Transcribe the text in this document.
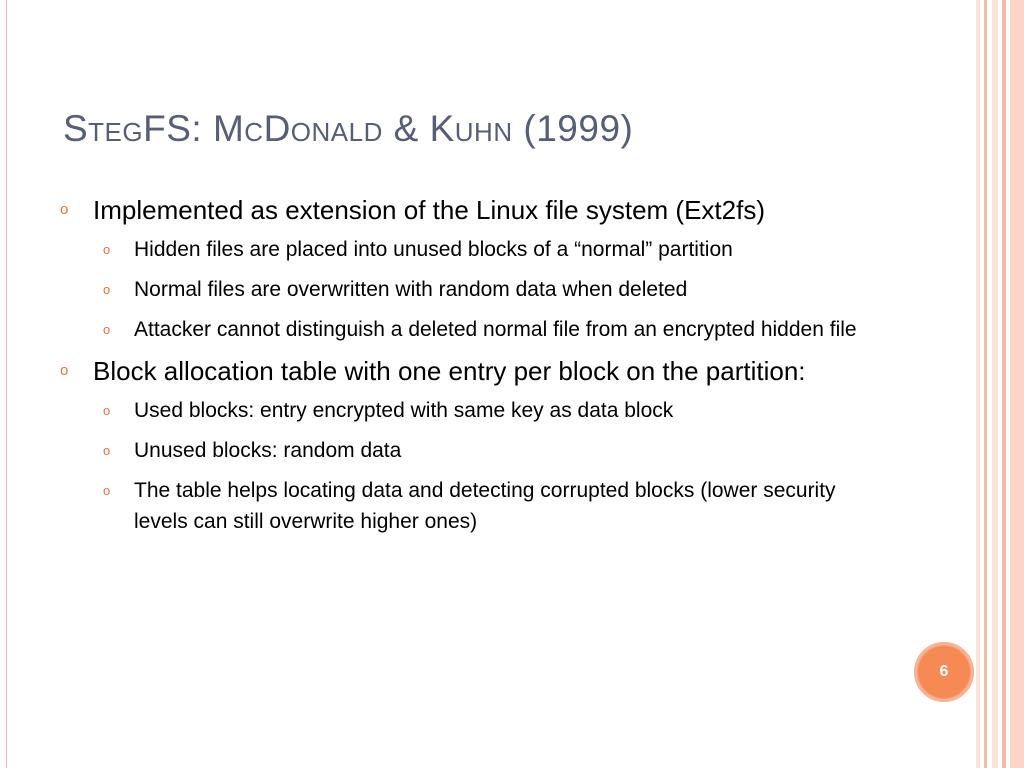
StegFS: McDonald & Kuhn (1999)
o Implemented as extension of the Linux file system (Ext2fs)
o Hidden files are placed into unused blocks of a “normal” partition
o Normal files are overwritten with random data when deleted
o Attacker cannot distinguish a deleted normal file from an encrypted hidden file
o Block allocation table with one entry per block on the partition:
o Used blocks: entry encrypted with same key as data block
o Unused blocks: random data
o The table helps locating data and detecting corrupted blocks (lower security levels can still overwrite higher ones)
6
